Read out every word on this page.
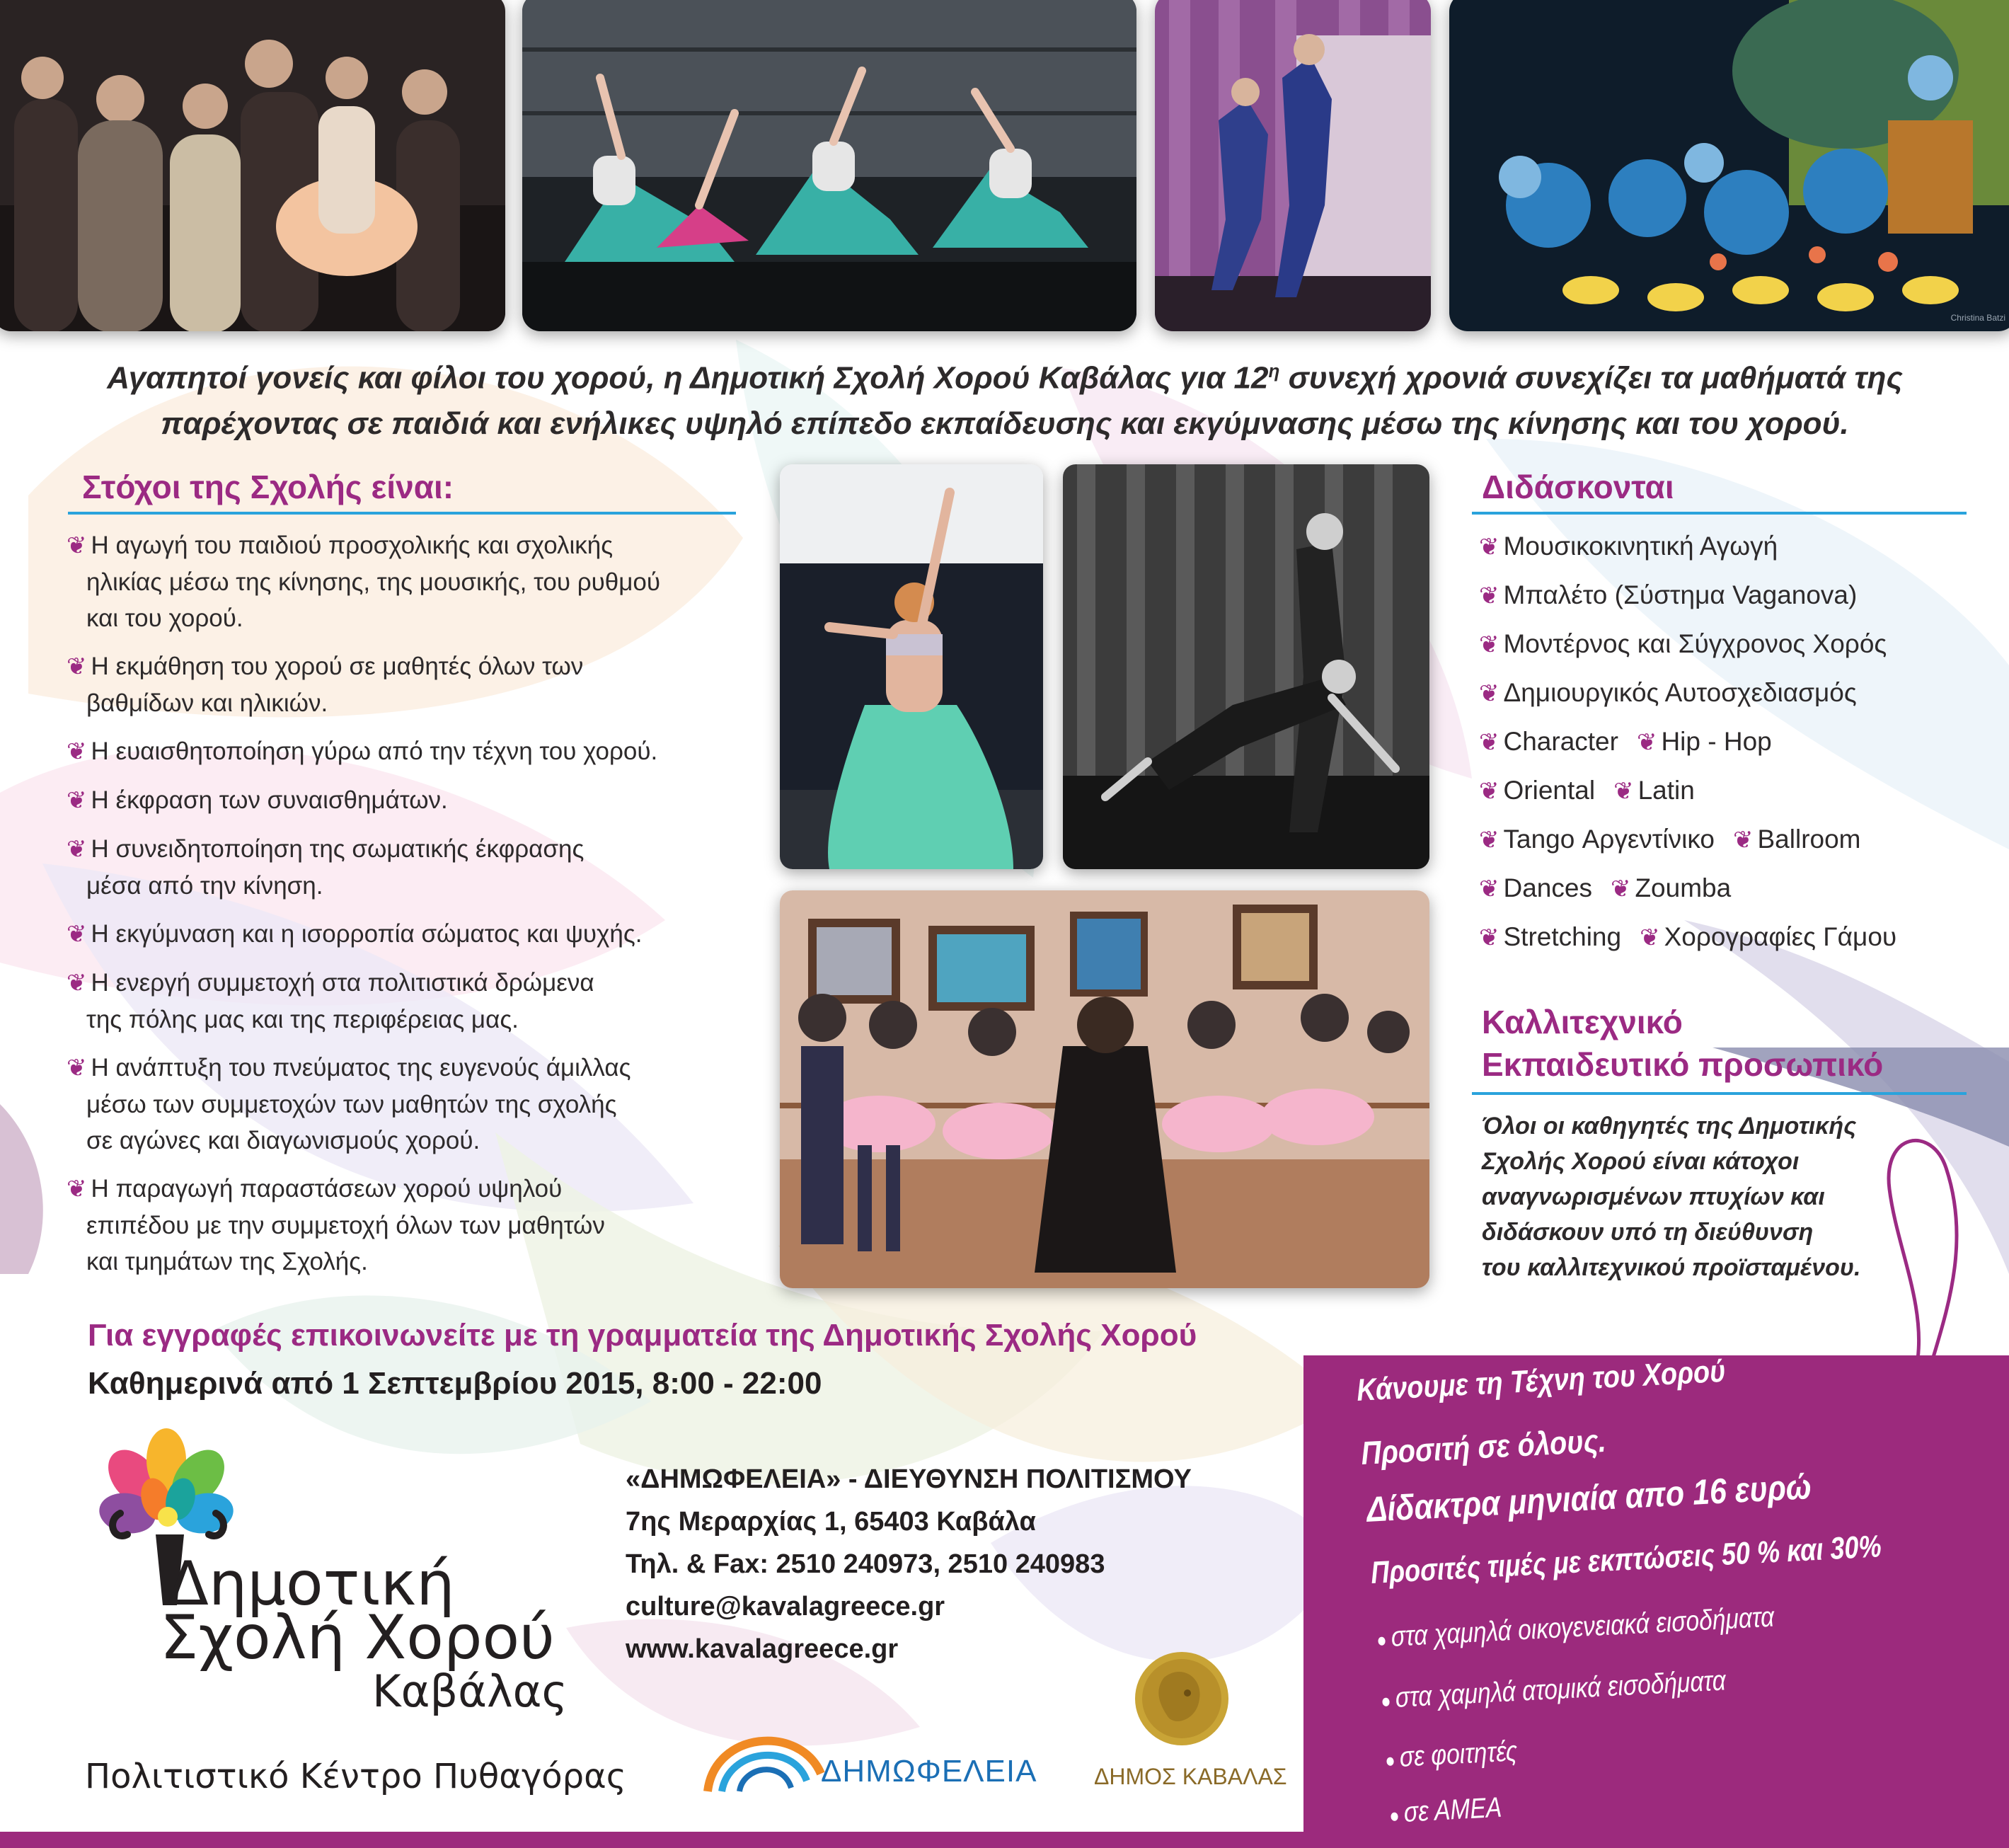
Christina Batzi
Αγαπητοί γονείς και φίλοι του χορού, η Δημοτική Σχολή Χορού Καβάλας για $12^\eta$ συνεχή χρονιά συνεχίζει τα μαθήματά της
παρέχοντας σε παιδιά και ενήλικες υψηλό επίπεδο εκπαίδευσης και εκγύμνασης μέσω της κίνησης και του χορού.
Στόχοι της Σχολής είναι:
❦ Η αγωγή του παιδιού προσχολικής και σχολικής
ηλικίας μέσω της κίνησης, της μουσικής, του ρυθμού
και του χορού.
❦ Η εκμάθηση του χορού σε μαθητές όλων των
βαθμίδων και ηλικιών.
❦ Η ευαισθητοποίηση γύρω από την τέχνη του χορού.
❦ Η έκφραση των συναισθημάτων.
❦ Η συνειδητοποίηση της σωματικής έκφρασης
μέσα από την κίνηση.
❦ Η εκγύμναση και η ισορροπία σώματος και ψυχής.
❦ Η ενεργή συμμετοχή στα πολιτιστικά δρώμενα
της πόλης μας και της περιφέρειας μας.
❦ Η ανάπτυξη του πνεύματος της ευγενούς άμιλλας
μέσω των συμμετοχών των μαθητών της σχολής
σε αγώνες και διαγωνισμούς χορού.
❦ Η παραγωγή παραστάσεων χορού υψηλού
επιπέδου με την συμμετοχή όλων των μαθητών
και τμημάτων της Σχολής.
Διδάσκονται
❦ Μουσικοκινητική Αγωγή
❦ Μπαλέτο (Σύστημα Vaganova)
❦ Μοντέρνος και Σύγχρονος Χορός
❦ Δημιουργικός Αυτοσχεδιασμός
❦ Character ❦ Hip - Hop
❦ Oriental ❦ Latin
❦ Tango Αργεντίνικο ❦ Ballroom
❦ Dances ❦ Zoumba
❦ Stretching ❦ Χορογραφίες Γάμου
Καλλιτεχνικό
Εκπαιδευτικό προσωπικό
Όλοι οι καθηγητές της Δημοτικής
Σχολής Χορού είναι κάτοχοι
αναγνωρισμένων πτυχίων και
διδάσκουν υπό τη διεύθυνση
του καλλιτεχνικού προϊσταμένου.
Για εγγραφές επικοινωνείτε με τη γραμματεία της Δημοτικής Σχολής Χορού
Καθημερινά από 1 Σεπτεμβρίου 2015, 8:00 - 22:00
«ΔΗΜΩΦΕΛΕΙΑ» - ΔΙΕΥΘΥΝΣΗ ΠΟΛΙΤΙΣΜΟΥ
7ης Μεραρχίας 1, 65403 Καβάλα
Τηλ. & Fax: 2510 240973, 2510 240983
culture@kavalagreece.gr
www.kavalagreece.gr
Δημοτική
Σχολή Χορού
Καβάλας
Πολιτιστικό Κέντρο Πυθαγόρας	ΔΗΜΩΦΕΛΕΙΑ	ΔΗΜΟΣ ΚΑΒΑΛΑΣ
Κάνουμε τη Τέχνη του Χορού
Προσιτή σε όλους.
Δίδακτρα μηνιαία απο 16 ευρώ
Προσιτές τιμές με εκπτώσεις 50 % και 30%
● στα χαμηλά οικογενειακά εισοδήματα
● στα χαμηλά ατομικά εισοδήματα
● σε φοιτητές
● σε ΑΜΕΑ
